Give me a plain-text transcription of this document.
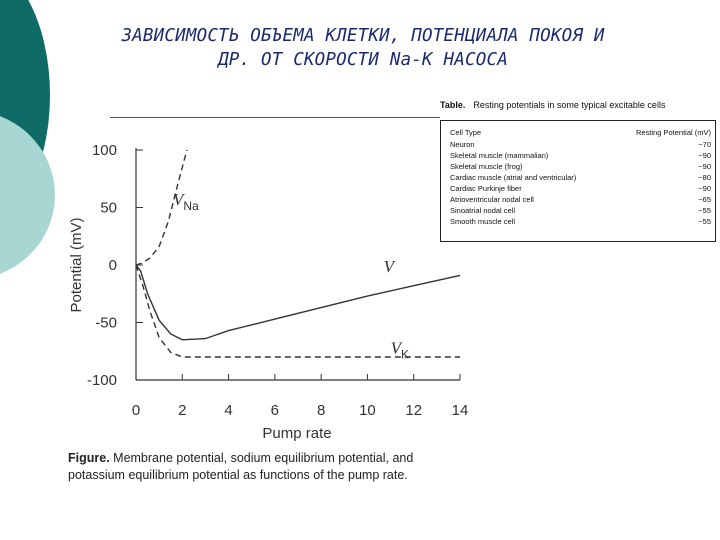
ЗАВИСИМОСТЬ ОБЪЕМА КЛЕТКИ, ПОТЕНЦИАЛА ПОКОЯ И
ДР. ОТ СКОРОСТИ Na-K НАСОСА
Table. Resting potentials in some typical excitable cells
Cell Type	Resting Potential (mV)
Neuron	−70
Skeletal muscle (mammalian)	−90
Skeletal muscle (frog)	−90
Cardiac muscle (atrial and ventricular)	−80
Cardiac Purkinje fiber	−90
Atrioventricular nodal cell	−65
Sinoatrial nodal cell	−55
Smooth muscle cell	−55
100
50
0
-50
-100
0	2	4	6	8 10 12 14
Pump rate
Potential (mV)	V
$V_{Na}$
$V_K$
Figure. Membrane potential, sodium equilibrium potential, and
potassium equilibrium potential as functions of the pump rate.
